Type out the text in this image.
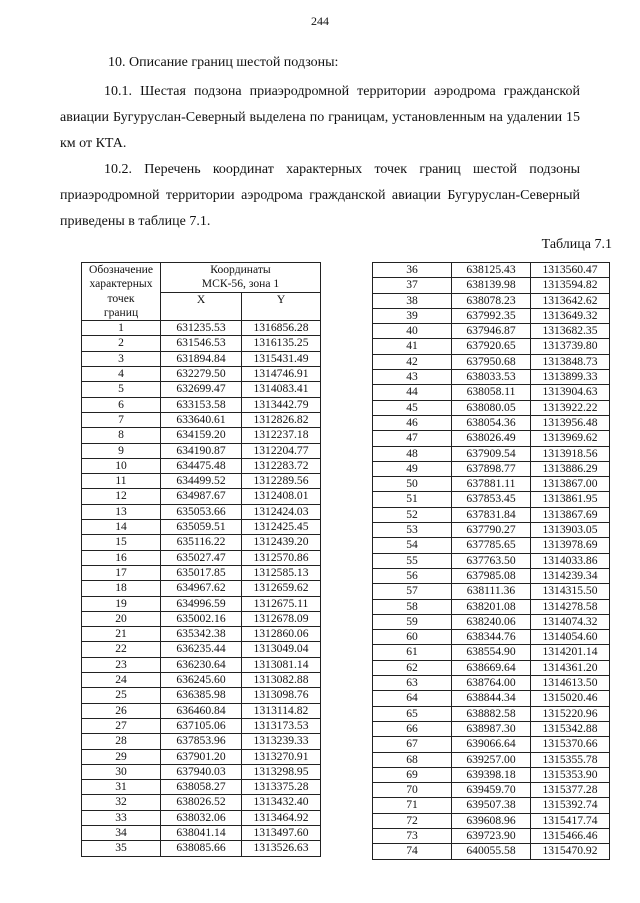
244
10. Описание границ шестой подзоны:
10.1. Шестая подзона приаэродромной территории аэродрома гражданской авиации Бугуруслан-Северный выделена по границам, установленным на удалении 15 км от КТА.
10.2. Перечень координат характерных точек границ шестой подзоны приаэродромной территории аэродрома гражданской авиации Бугуруслан-Северный приведены в таблице 7.1.
Таблица 7.1
Обозначение
характерных
точек
границ	Координаты
МСК-56, зона 1	

	X	Y

1	631235.53	1316856.28
2	631546.53	1316135.25
3	631894.84	1315431.49
4	632279.50	1314746.91
5	632699.47	1314083.41
6	633153.58	1313442.79
7	633640.61	1312826.82
8	634159.20	1312237.18
9	634190.87	1312204.77
10	634475.48	1312283.72
11	634499.52	1312289.56
12	634987.67	1312408.01
13	635053.66	1312424.03
14	635059.51	1312425.45
15	635116.22	1312439.20
16	635027.47	1312570.86
17	635017.85	1312585.13
18	634967.62	1312659.62
19	634996.59	1312675.11
20	635002.16	1312678.09
21	635342.38	1312860.06
22	636235.44	1313049.04
23	636230.64	1313081.14
24	636245.60	1313082.88
25	636385.98	1313098.76
26	636460.84	1313114.82
27	637105.06	1313173.53
28	637853.96	1313239.33
29	637901.20	1313270.91
30	637940.03	1313298.95
31	638058.27	1313375.28
32	638026.52	1313432.40
33	638032.06	1313464.92
34	638041.14	1313497.60
35	638085.66	1313526.63
36	638125.43	1313560.47
37	638139.98	1313594.82
38	638078.23	1313642.62
39	637992.35	1313649.32
40	637946.87	1313682.35
41	637920.65	1313739.80
42	637950.68	1313848.73
43	638033.53	1313899.33
44	638058.11	1313904.63
45	638080.05	1313922.22
46	638054.36	1313956.48
47	638026.49	1313969.62
48	637909.54	1313918.56
49	637898.77	1313886.29
50	637881.11	1313867.00
51	637853.45	1313861.95
52	637831.84	1313867.69
53	637790.27	1313903.05
54	637785.65	1313978.69
55	637763.50	1314033.86
56	637985.08	1314239.34
57	638111.36	1314315.50
58	638201.08	1314278.58
59	638240.06	1314074.32
60	638344.76	1314054.60
61	638554.90	1314201.14
62	638669.64	1314361.20
63	638764.00	1314613.50
64	638844.34	1315020.46
65	638882.58	1315220.96
66	638987.30	1315342.88
67	639066.64	1315370.66
68	639257.00	1315355.78
69	639398.18	1315353.90
70	639459.70	1315377.28
71	639507.38	1315392.74
72	639608.96	1315417.74
73	639723.90	1315466.46
74	640055.58	1315470.92
